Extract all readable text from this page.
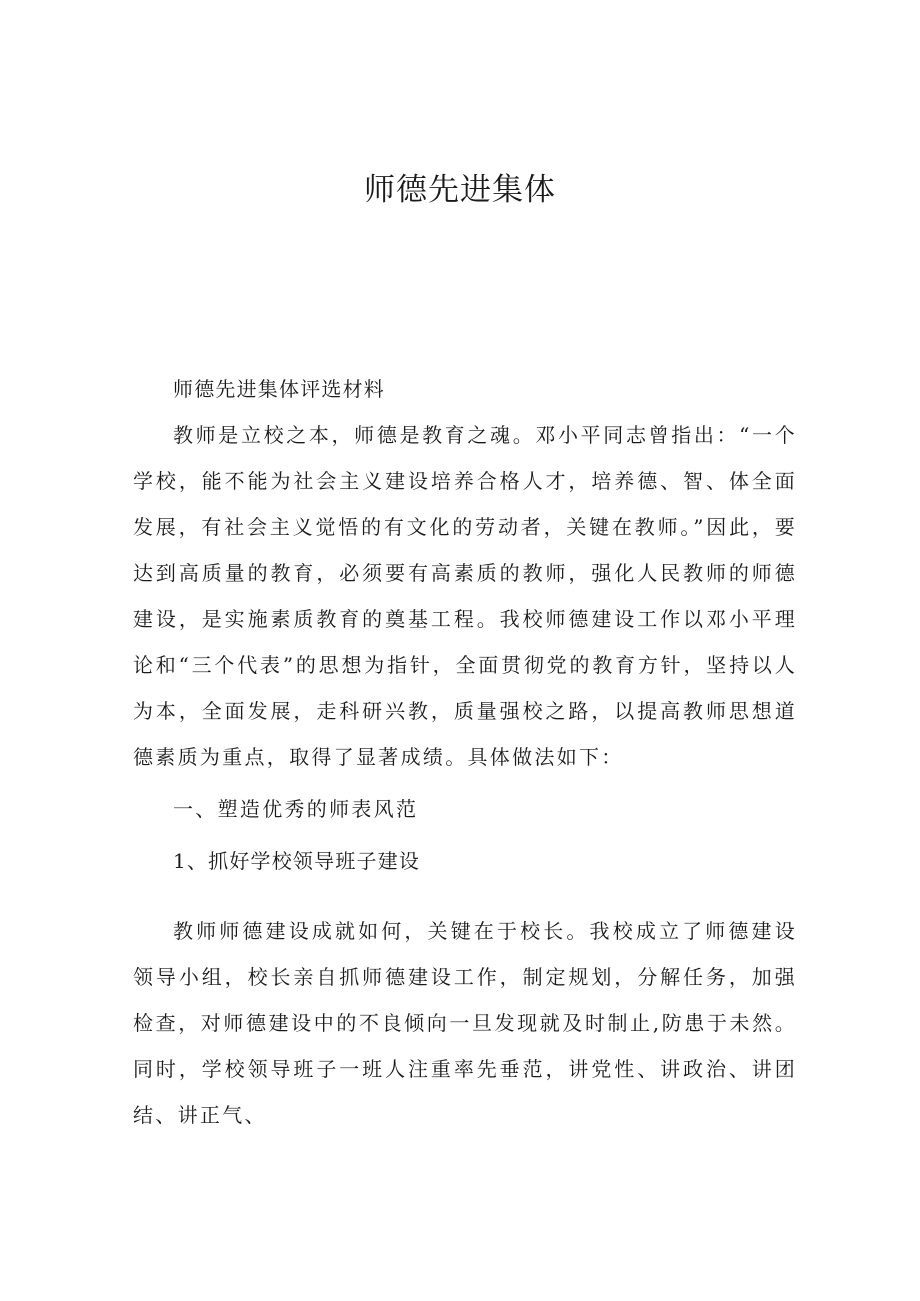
师德先进集体

师德先进集体评选材料

教师是立校之本，师德是教育之魂。邓小平同志曾指出：“一个学校，能不能为社会主义建设培养合格人才，培养德、智、体全面发展，有社会主义觉悟的有文化的劳动者，关键在教师。”因此，要达到高质量的教育，必须要有高素质的教师，强化人民教师的师德建设，是实施素质教育的奠基工程。我校师德建设工作以邓小平理论和“三个代表”的思想为指针，全面贯彻党的教育方针，坚持以人为本，全面发展，走科研兴教，质量强校之路，以提高教师思想道德素质为重点，取得了显著成绩。具体做法如下：

一、塑造优秀的师表风范

1、抓好学校领导班子建设

教师师德建设成就如何，关键在于校长。我校成立了师德建设领导小组，校长亲自抓师德建设工作，制定规划，分解任务，加强检查，对师德建设中的不良倾向一旦发现就及时制止,防患于未然。同时，学校领导班子一班人注重率先垂范，讲党性、讲政治、讲团结、讲正气、
